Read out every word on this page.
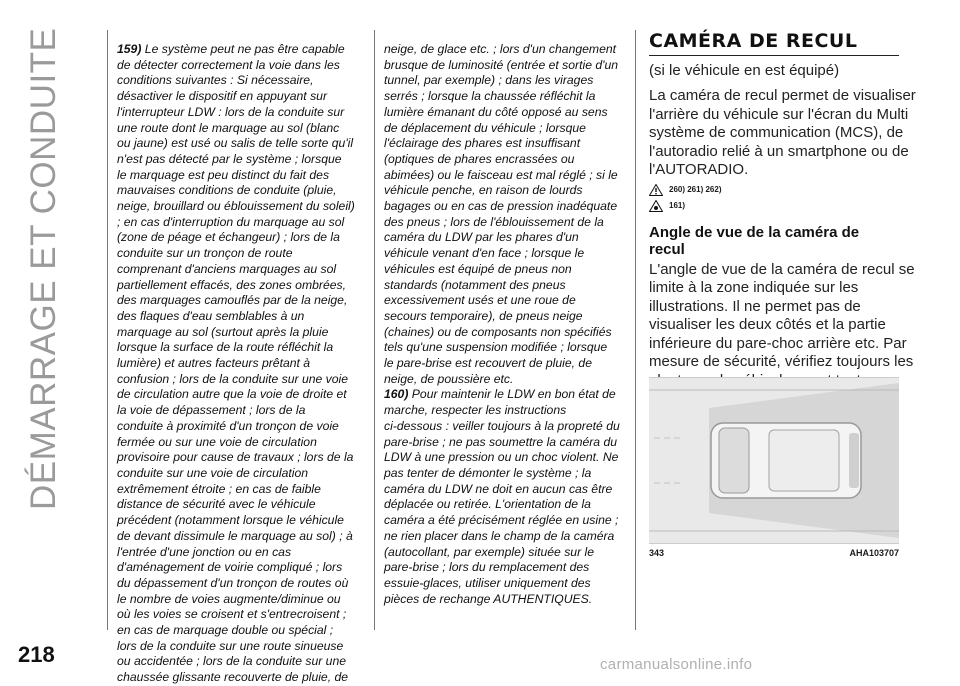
DÉMARRAGE ET CONDUITE
218	carmanualsonline.info
159) Le système peut ne pas être capable
de détecter correctement la voie dans les
conditions suivantes : Si nécessaire,
désactiver le dispositif en appuyant sur
l'interrupteur LDW : lors de la conduite sur
une route dont le marquage au sol (blanc
ou jaune) est usé ou salis de telle sorte qu'il
n'est pas détecté par le système ; lorsque
le marquage est peu distinct du fait des
mauvaises conditions de conduite (pluie,
neige, brouillard ou éblouissement du soleil)
; en cas d'interruption du marquage au sol
(zone de péage et échangeur) ; lors de la
conduite sur un tronçon de route
comprenant d'anciens marquages au sol
partiellement effacés, des zones ombrées,
des marquages camouflés par de la neige,
des flaques d'eau semblables à un
marquage au sol (surtout après la pluie
lorsque la surface de la route réfléchit la
lumière) et autres facteurs prêtant à
confusion ; lors de la conduite sur une voie
de circulation autre que la voie de droite et
la voie de dépassement ; lors de la
conduite à proximité d'un tronçon de voie
fermée ou sur une voie de circulation
provisoire pour cause de travaux ; lors de la
conduite sur une voie de circulation
extrêmement étroite ; en cas de faible
distance de sécurité avec le véhicule
précédent (notamment lorsque le véhicule
de devant dissimule le marquage au sol) ; à
l'entrée d'une jonction ou en cas
d'aménagement de voirie compliqué ; lors
du dépassement d'un tronçon de routes où
le nombre de voies augmente/diminue ou
où les voies se croisent et s'entrecroisent ;
en cas de marquage double ou spécial ;
lors de la conduite sur une route sinueuse
ou accidentée ; lors de la conduite sur une
chaussée glissante recouverte de pluie, de
neige, de glace etc. ; lors d'un changement
brusque de luminosité (entrée et sortie d'un
tunnel, par exemple) ; dans les virages
serrés ; lorsque la chaussée réfléchit la
lumière émanant du côté opposé au sens
de déplacement du véhicule ; lorsque
l'éclairage des phares est insuffisant
(optiques de phares encrassées ou
abimées) ou le faisceau est mal réglé ; si le
véhicule penche, en raison de lourds
bagages ou en cas de pression inadéquate
des pneus ; lors de l'éblouissement de la
caméra du LDW par les phares d'un
véhicule venant d'en face ; lorsque le
véhicules est équipé de pneus non
standards (notamment des pneus
excessivement usés et une roue de
secours temporaire), de pneus neige
(chaines) ou de composants non spécifiés
tels qu'une suspension modifiée ; lorsque
le pare-brise est recouvert de pluie, de
neige, de poussière etc.
160) Pour maintenir le LDW en bon état de
marche, respecter les instructions
ci-dessous : veiller toujours à la propreté du
pare-brise ; ne pas soumettre la caméra du
LDW à une pression ou un choc violent. Ne
pas tenter de démonter le système ; la
caméra du LDW ne doit en aucun cas être
déplacée ou retirée. L'orientation de la
caméra a été précisément réglée en usine ;
ne rien placer dans le champ de la caméra
(autocollant, par exemple) située sur le
pare-brise ; lors du remplacement des
essuie-glaces, utiliser uniquement des
pièces de rechange AUTHENTIQUES.
CAMÉRA DE RECUL
(si le véhicule en est équipé)
La caméra de recul permet de visualiser
l'arrière du véhicule sur l'écran du Multi
système de communication (MCS), de
l'autoradio relié à un smartphone ou de
l'AUTORADIO.
260) 261) 262)
161)
Angle de vue de la caméra de recul
L'angle de vue de la caméra de recul se
limite à la zone indiquée sur les
illustrations. Il ne permet pas de
visualiser les deux côtés et la partie
inférieure du pare-choc arrière etc. Par
mesure de sécurité, vérifiez toujours les
343	AHA103707
